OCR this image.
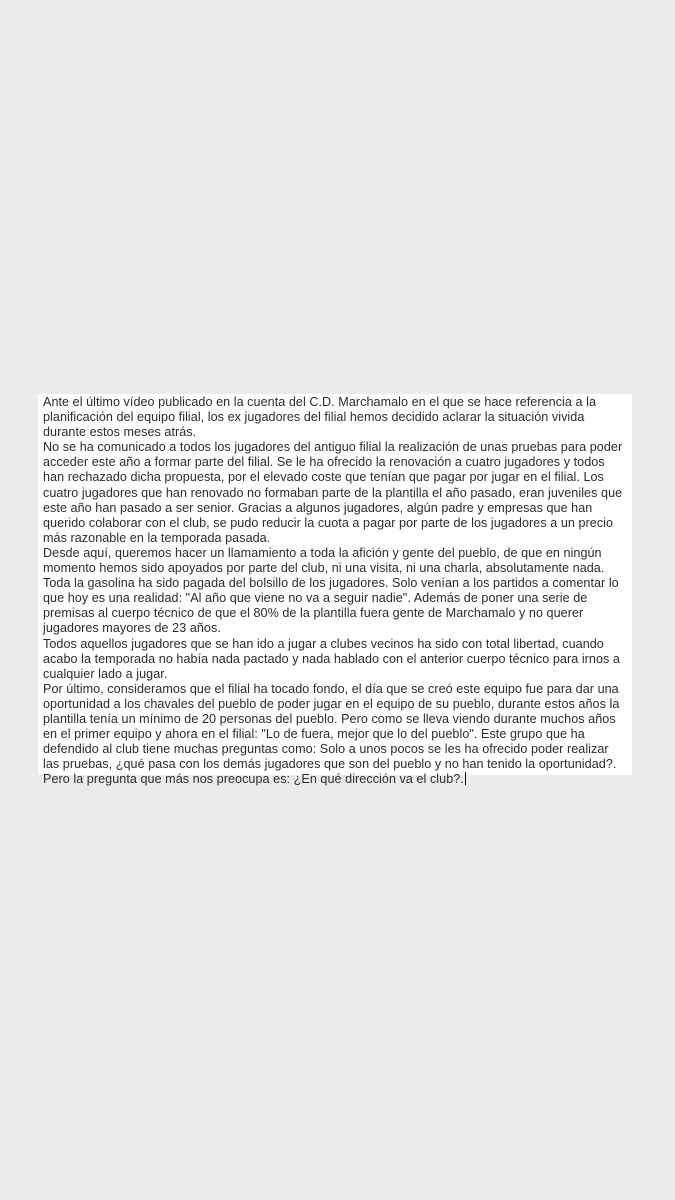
Ante el último vídeo publicado en la cuenta del C.D. Marchamalo en el que se hace referencia a la planificación del equipo filial, los ex jugadores del filial hemos decidido aclarar la situación vivida durante estos meses atrás.

No se ha comunicado a todos los jugadores del antiguo filial la realización de unas pruebas para poder acceder este año a formar parte del filial. Se le ha ofrecido la renovación a cuatro jugadores y todos han rechazado dicha propuesta, por el elevado coste que tenían que pagar por jugar en el filial. Los cuatro jugadores que han renovado no formaban parte de la plantilla el año pasado, eran juveniles que este año han pasado a ser senior. Gracias a algunos jugadores, algún padre y empresas que han querido colaborar con el club, se pudo reducir la cuota a pagar por parte de los jugadores a un precio más razonable en la temporada pasada.

Desde aquí, queremos hacer un llamamiento a toda la afición y gente del pueblo, de que en ningún momento hemos sido apoyados por parte del club, ni una visita, ni una charla, absolutamente nada. Toda la gasolina ha sido pagada del bolsillo de los jugadores. Solo venían a los partidos a comentar lo que hoy es una realidad: "Al año que viene no va a seguir nadie". Además de poner una serie de premisas al cuerpo técnico de que el 80% de la plantilla fuera gente de Marchamalo y no querer jugadores mayores de 23 años.

Todos aquellos jugadores que se han ido a jugar a clubes vecinos ha sido con total libertad, cuando acabo la temporada no había nada pactado y nada hablado con el anterior cuerpo técnico para irnos a cualquier lado a jugar.

Por último, consideramos que el filial ha tocado fondo, el día que se creó este equipo fue para dar una oportunidad a los chavales del pueblo de poder jugar en el equipo de su pueblo, durante estos años la plantilla tenía un mínimo de 20 personas del pueblo. Pero como se lleva viendo durante muchos años en el primer equipo y ahora en el filial: "Lo de fuera, mejor que lo del pueblo". Este grupo que ha defendido al club tiene muchas preguntas como: Solo a unos pocos se les ha ofrecido poder realizar las pruebas, ¿qué pasa con los demás jugadores que son del pueblo y no han tenido la oportunidad?. Pero la pregunta que más nos preocupa es: ¿En qué dirección va el club?.
